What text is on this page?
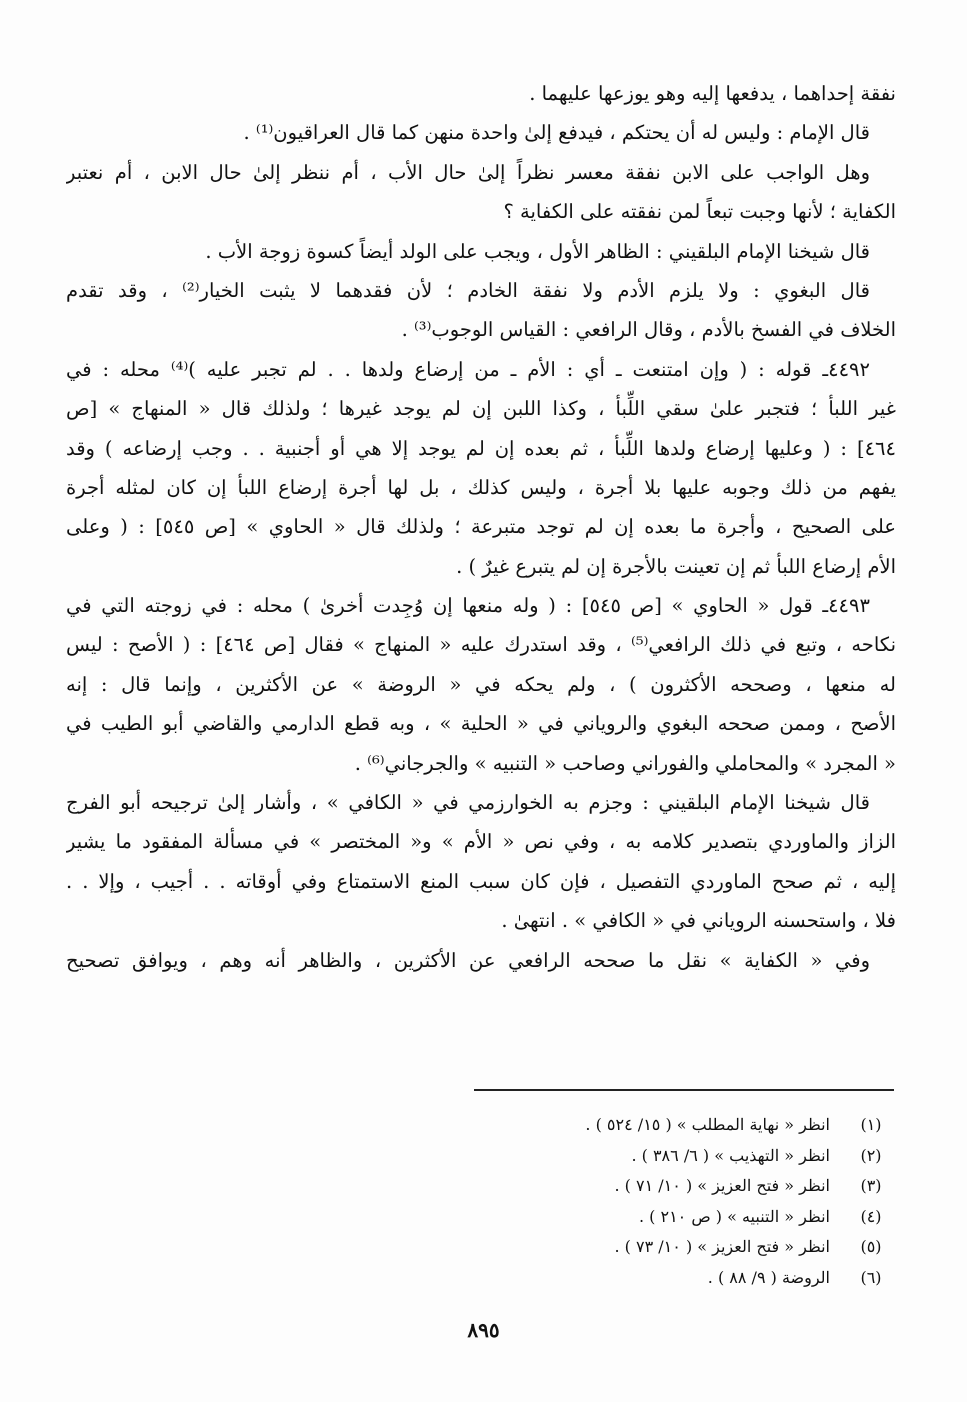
نفقة إحداهما ، يدفعها إليه وهو يوزعها عليهما .
قال الإمام : وليس له أن يحتكم ، فيدفع إلىٰ واحدة منهن كما قال العراقيون⁽¹⁾ .
وهل الواجب على الابن نفقة معسر نظراً إلىٰ حال الأب ، أم ننظر إلىٰ حال الابن ، أم نعتبر
الكفاية ؛ لأنها وجبت تبعاً لمن نفقته على الكفاية ؟
قال شيخنا الإمام البلقيني : الظاهر الأول ، ويجب على الولد أيضاً كسوة زوجة الأب .
قال البغوي : ولا يلزم الأدم ولا نفقة الخادم ؛ لأن فقدهما لا يثبت الخيار⁽²⁾ ، وقد تقدم
الخلاف في الفسخ بالأدم ، وقال الرافعي : القياس الوجوب⁽³⁾ .
٤٤٩٢ـ قوله : ( وإن امتنعت ـ أي : الأم ـ من إرضاع ولدها . . لم تجبر عليه )⁽⁴⁾ محله : في
غير اللبأ ؛ فتجبر علىٰ سقي اللِّبأ ، وكذا اللبن إن لم يوجد غيرها ؛ ولذلك قال « المنهاج » [ص
٤٦٤] : ( وعليها إرضاع ولدها اللِّبأ ، ثم بعده إن لم يوجد إلا هي أو أجنبية . . وجب إرضاعه ) وقد
يفهم من ذلك وجوبه عليها بلا أجرة ، وليس كذلك ، بل لها أجرة إرضاع اللبأ إن كان لمثله أجرة
على الصحيح ، وأجرة ما بعده إن لم توجد متبرعة ؛ ولذلك قال « الحاوي » [ص ٥٤٥] : ( وعلى
الأم إرضاع اللبأ ثم إن تعينت بالأجرة إن لم يتبرع غيرٌ ) .
٤٤٩٣ـ قول « الحاوي » [ص ٥٤٥] : ( وله منعها إن وُجِدت أخرىٰ ) محله : في زوجته التي في
نكاحه ، وتبع في ذلك الرافعي⁽⁵⁾ ، وقد استدرك عليه « المنهاج » فقال [ص ٤٦٤] : ( الأصح : ليس
له منعها ، وصححه الأكثرون ) ، ولم يحكه في « الروضة » عن الأكثرين ، وإنما قال : إنه
الأصح ، وممن صححه البغوي والروياني في « الحلية » ، وبه قطع الدارمي والقاضي أبو الطيب في
« المجرد » والمحاملي والفوراني وصاحب « التنبيه » والجرجاني⁽⁶⁾ .
قال شيخنا الإمام البلقيني : وجزم به الخوارزمي في « الكافي » ، وأشار إلىٰ ترجيحه أبو الفرج
الزاز والماوردي بتصدير كلامه به ، وفي نص « الأم » و« المختصر » في مسألة المفقود ما يشير
إليه ، ثم صحح الماوردي التفصيل ، فإن كان سبب المنع الاستمتاع وفي أوقاته . . أجيب ، وإلا . .
فلا ، واستحسنه الروياني في « الكافي » . انتهىٰ .
وفي « الكفاية » نقل ما صححه الرافعي عن الأكثرين ، والظاهر أنه وهم ، ويوافق تصحيح
(١)
انظر « نهاية المطلب » ( ١٥/ ٥٢٤ ) .
(٢)
انظر « التهذيب » ( ٦/ ٣٨٦ ) .
(٣)
انظر « فتح العزيز » ( ١٠/ ٧١ ) .
(٤)
انظر « التنبيه » ( ص ٢١٠ ) .
(٥)
انظر « فتح العزيز » ( ١٠/ ٧٣ ) .
(٦)
الروضة ( ٩/ ٨٨ ) .
٨٩٥
